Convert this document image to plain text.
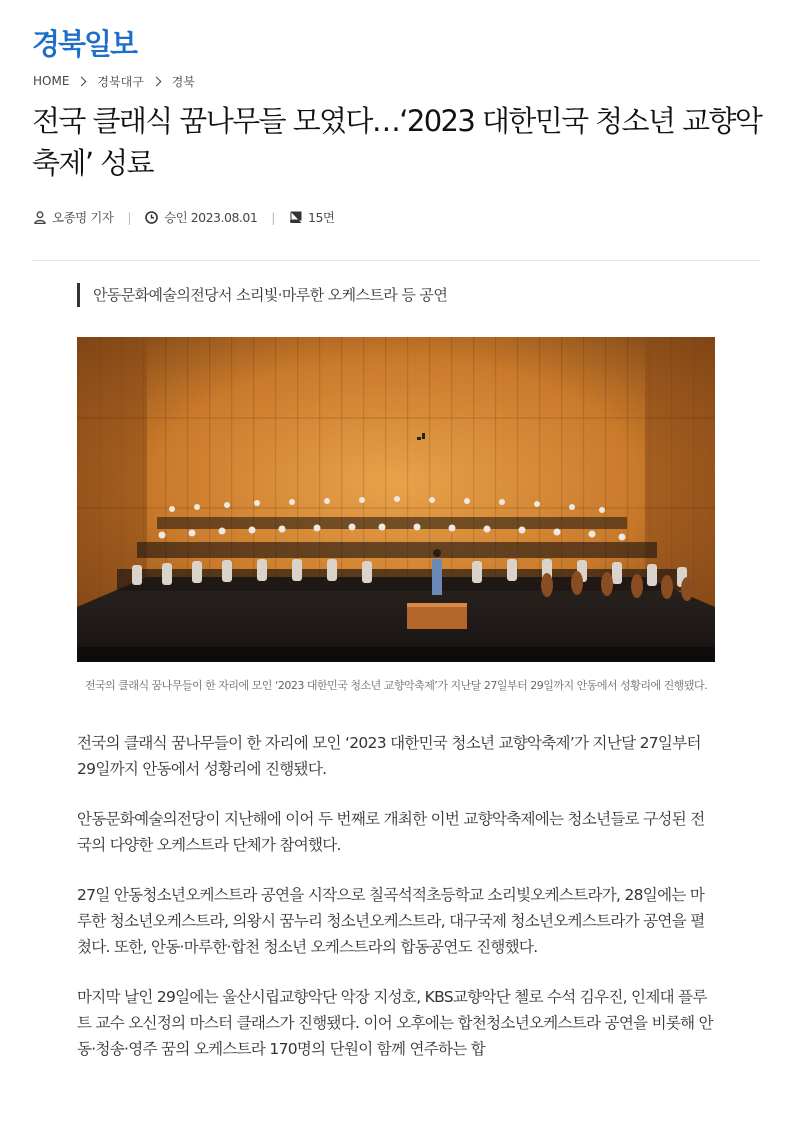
경북일보
HOME 경북대구 경북
전국 클래식 꿈나무들 모였다…‘2023 대한민국 청소년 교향악축제’ 성료
오종명 기자 |	승인 2023.08.01 |	15면
안동문화예술의전당서 소리빛·마루한 오케스트라 등 공연
전국의 클래식 꿈나무들이 한 자리에 모인 ‘2023 대한민국 청소년 교향악축제’가 지난달 27일부터 29일까지 안동에서 성황리에 진행됐다.

전국의 클래식 꿈나무들이 한 자리에 모인 ‘2023 대한민국 청소년 교향악축제’가 지난달 27일부터 29일까지 안동에서 성황리에 진행됐다.

안동문화예술의전당이 지난해에 이어 두 번째로 개최한 이번 교향악축제에는 청소년들로 구성된 전국의 다양한 오케스트라 단체가 참여했다.

27일 안동청소년오케스트라 공연을 시작으로 칠곡석적초등학교 소리빛오케스트라가, 28일에는 마루한 청소년오케스트라, 의왕시 꿈누리 청소년오케스트라, 대구국제 청소년오케스트라가 공연을 펼쳤다. 또한, 안동·마루한·합천 청소년 오케스트라의 합동공연도 진행했다.

마지막 날인 29일에는 울산시립교향악단 악장 지성호, KBS교향악단 첼로 수석 김우진, 인제대 플루트 교수 오신정의 마스터 클래스가 진행됐다. 이어 오후에는 합천청소년오케스트라 공연을 비롯해 안동·청송·영주 꿈의 오케스트라 170명의 단원이 함께 연주하는 합
